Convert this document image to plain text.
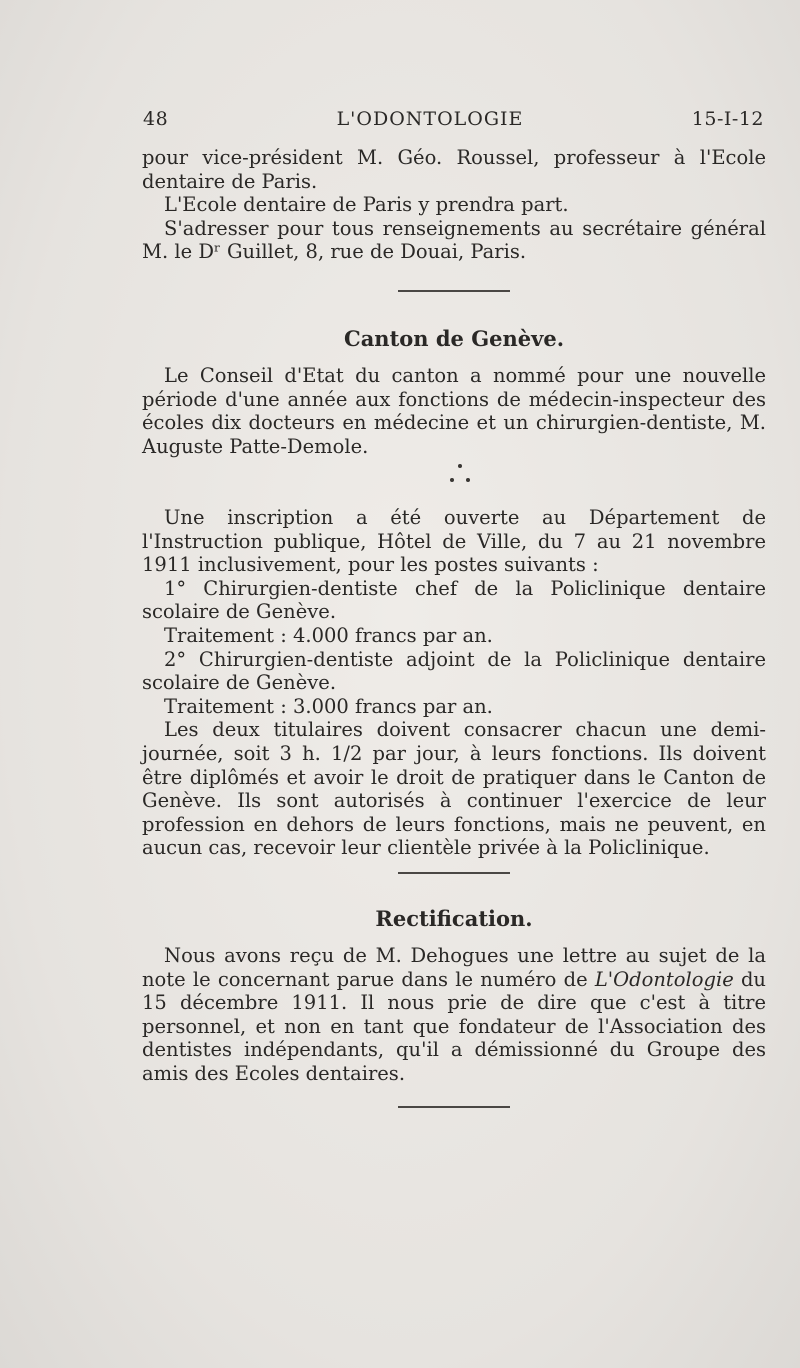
48	L'ODONTOLOGIE	15-I-12

pour vice-président M. Géo. Roussel, professeur à l'Ecole dentaire de Paris.

L'Ecole dentaire de Paris y prendra part.

S'adresser pour tous renseignements au secrétaire général M. le Dʳ Guillet, 8, rue de Douai, Paris.

Canton de Genève.

Le Conseil d'Etat du canton a nommé pour une nouvelle période d'une année aux fonctions de médecin-inspecteur des écoles dix docteurs en médecine et un chirurgien-dentiste, M. Auguste Patte-Demole.

Une inscription a été ouverte au Département de l'Instruction publique, Hôtel de Ville, du 7 au 21 novembre 1911 inclusivement, pour les postes suivants :

1° Chirurgien-dentiste chef de la Policlinique dentaire scolaire de Genève.

Traitement : 4.000 francs par an.

2° Chirurgien-dentiste adjoint de la Policlinique dentaire scolaire de Genève.

Traitement : 3.000 francs par an.

Les deux titulaires doivent consacrer chacun une demi-journée, soit 3 h. 1/2 par jour, à leurs fonctions. Ils doivent être diplômés et avoir le droit de pratiquer dans le Canton de Genève. Ils sont autorisés à continuer l'exercice de leur profession en dehors de leurs fonctions, mais ne peuvent, en aucun cas, recevoir leur clientèle privée à la Policlinique.

Rectification.

Nous avons reçu de M. Dehogues une lettre au sujet de la note le concernant parue dans le numéro de L'Odontologie du 15 décembre 1911. Il nous prie de dire que c'est à titre personnel, et non en tant que fondateur de l'Association des dentistes indépendants, qu'il a démissionné du Groupe des amis des Ecoles dentaires.
